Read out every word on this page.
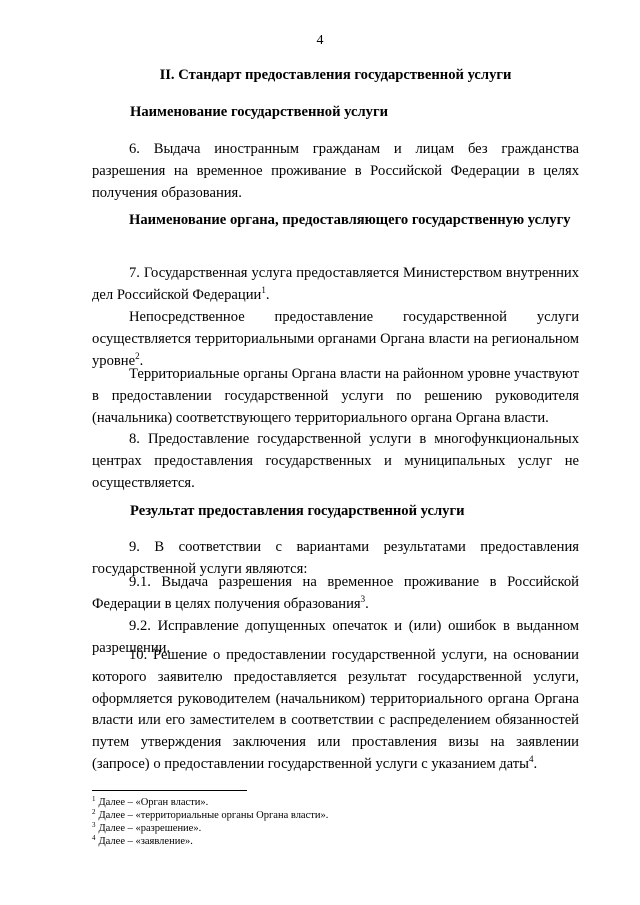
4
II. Стандарт предоставления государственной услуги
Наименование государственной услуги

6. Выдача иностранным гражданам и лицам без гражданства разрешения на временное проживание в Российской Федерации в целях получения образования.

Наименование органа, предоставляющего государственную услугу

7. Государственная услуга предоставляется Министерством внутренних дел Российской Федерации$^1$.

Непосредственное предоставление государственной услуги осуществляется территориальными органами Органа власти на региональном уровне$^2$.

Территориальные органы Органа власти на районном уровне участвуют в предоставлении государственной услуги по решению руководителя (начальника) соответствующего территориального органа Органа власти.

8. Предоставление государственной услуги в многофункциональных центрах предоставления государственных и муниципальных услуг не осуществляется.

Результат предоставления государственной услуги

9. В соответствии с вариантами результатами предоставления государственной услуги являются:

9.1. Выдача разрешения на временное проживание в Российской Федерации в целях получения образования$^3$.

9.2. Исправление допущенных опечаток и (или) ошибок в выданном разрешении.

10. Решение о предоставлении государственной услуги, на основании которого заявителю предоставляется результат государственной услуги, оформляется руководителем (начальником) территориального органа Органа власти или его заместителем в соответствии с распределением обязанностей путем утверждения заключения или проставления визы на заявлении (запросе) о предоставлении государственной услуги с указанием даты$^4$.

$^1$ Далее – «Орган власти».

$^2$ Далее – «территориальные органы Органа власти».

$^3$ Далее – «разрешение».

$^4$ Далее – «заявление».
